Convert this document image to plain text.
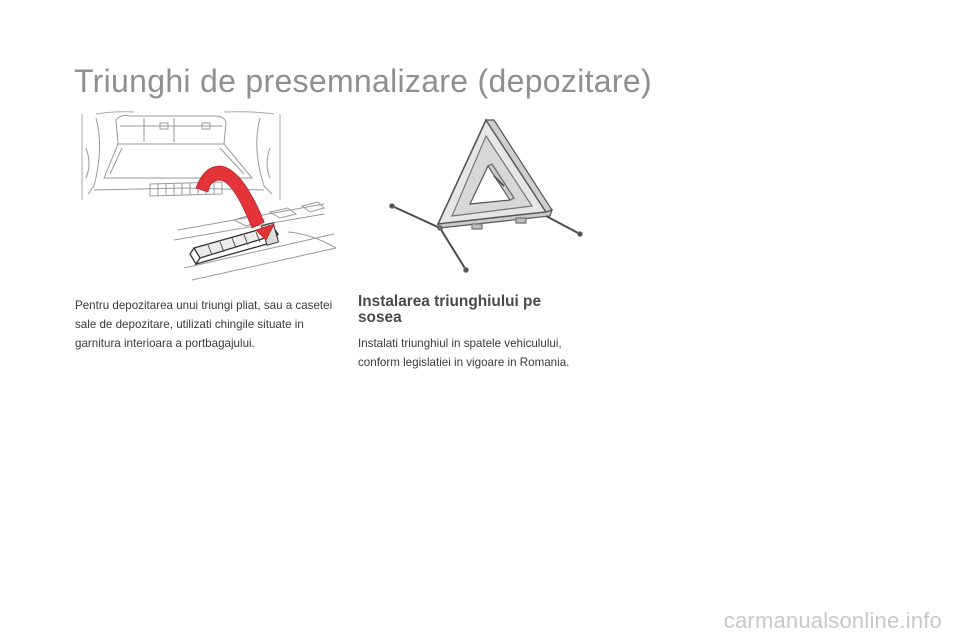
Triunghi de presemnalizare (depozitare)

Pentru depozitarea unui triungi pliat, sau a casetei sale de depozitare, utilizati chingile situate in garnitura interioara a portbagajului.

Instalarea triunghiului pe sosea

Instalati triunghiul in spatele vehiculului, conform legislatiei in vigoare in Romania.

carmanualsonline.info
